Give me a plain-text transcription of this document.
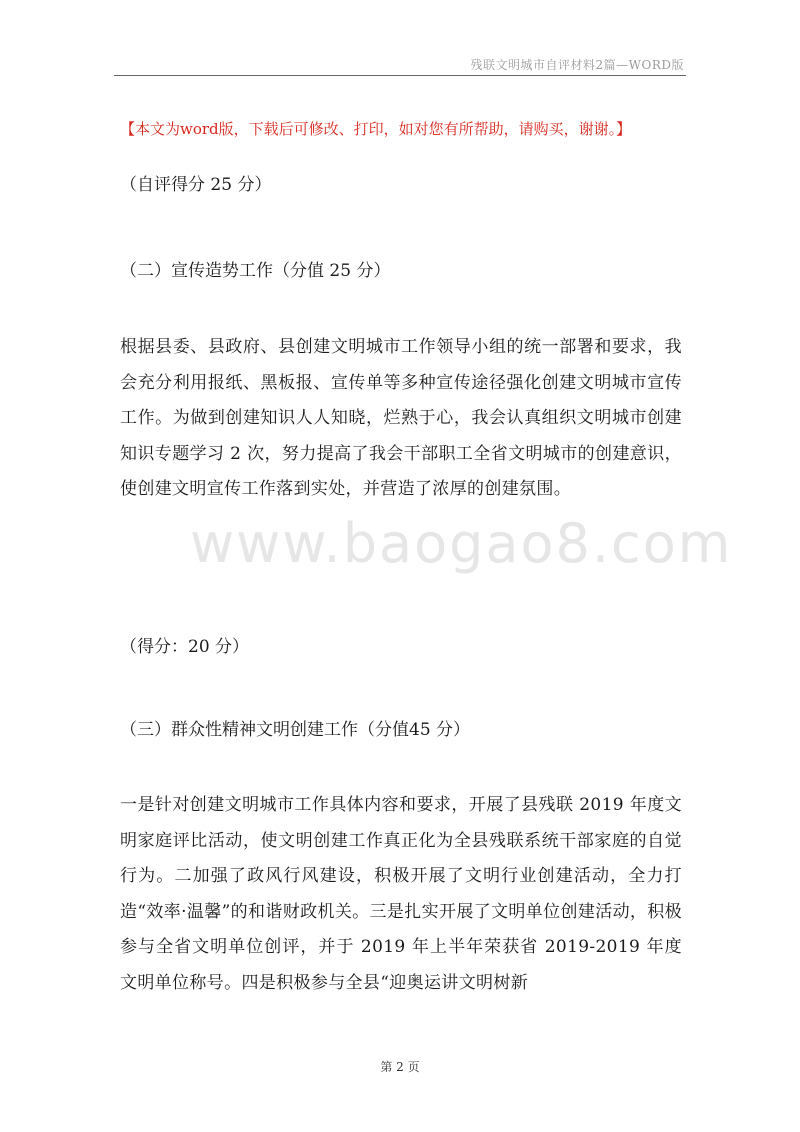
残联文明城市自评材料2篇—WORD版
【本文为word版，下载后可修改、打印，如对您有所帮助，请购买，谢谢。】
www.baogao8.com
（自评得分 25 分）
（二）宣传造势工作（分值 25 分）
根据县委、县政府、县创建文明城市工作领导小组的统一部署和要求，我会充分利用报纸、黑板报、宣传单等多种宣传途径强化创建文明城市宣传工作。为做到创建知识人人知晓，烂熟于心，我会认真组织文明城市创建知识专题学习 2 次，努力提高了我会干部职工全省文明城市的创建意识，使创建文明宣传工作落到实处，并营造了浓厚的创建氛围。
（得分：20 分）
（三）群众性精神文明创建工作（分值45 分）
一是针对创建文明城市工作具体内容和要求，开展了县残联 2019 年度文明家庭评比活动，使文明创建工作真正化为全县残联系统干部家庭的自觉行为。二加强了政风行风建设，积极开展了文明行业创建活动，全力打造“效率·温馨”的和谐财政机关。三是扎实开展了文明单位创建活动，积极参与全省文明单位创评，并于 2019 年上半年荣获省 2019-2019 年度文明单位称号。四是积极参与全县“迎奥运讲文明树新
第 2 页
